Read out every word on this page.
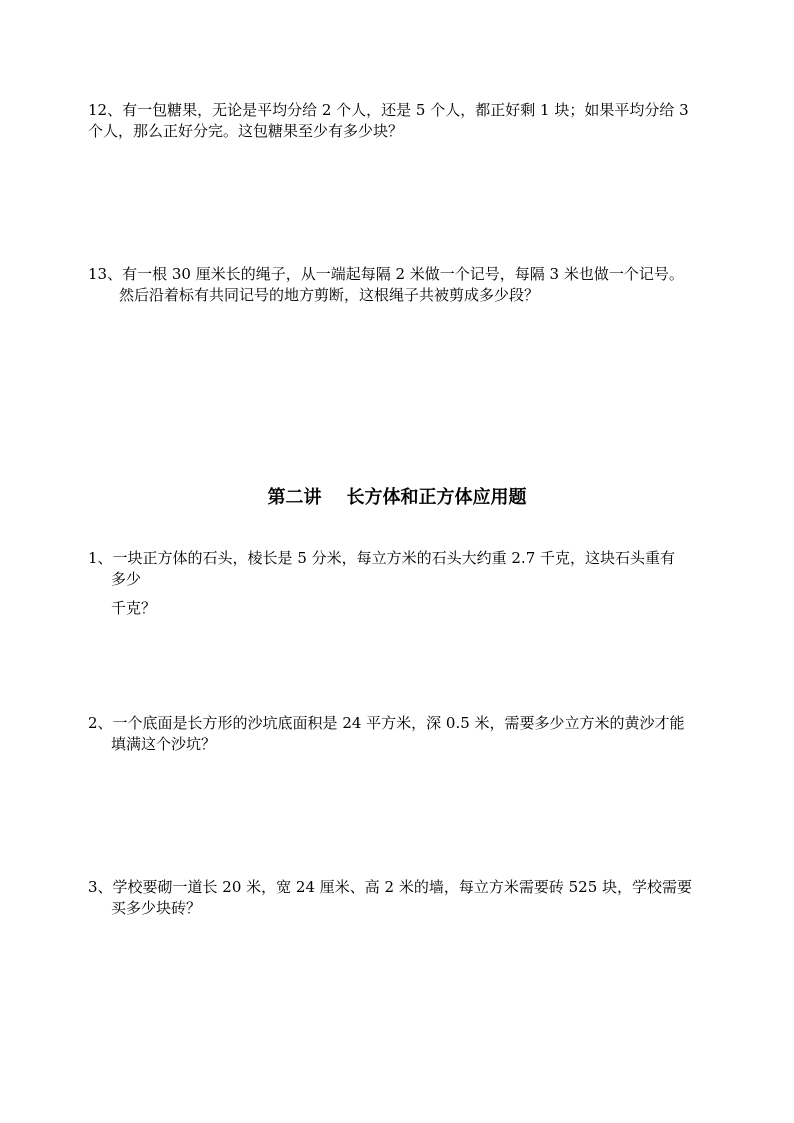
12、有一包糖果，无论是平均分给 2 个人，还是 5 个人，都正好剩 1 块；如果平均分给 3
个人，那么正好分完。这包糖果至少有多少块？
13、有一根 30 厘米长的绳子，从一端起每隔 2 米做一个记号，每隔 3 米也做一个记号。
然后沿着标有共同记号的地方剪断，这根绳子共被剪成多少段？
第二讲    长方体和正方体应用题
1、一块正方体的石头，棱长是 5 分米，每立方米的石头大约重 2.7 千克，这块石头重有
多少
千克？
2、一个底面是长方形的沙坑底面积是 24 平方米，深 0.5 米，需要多少立方米的黄沙才能
填满这个沙坑？
3、学校要砌一道长 20 米，宽 24 厘米、高 2 米的墙，每立方米需要砖 525 块，学校需要
买多少块砖？
